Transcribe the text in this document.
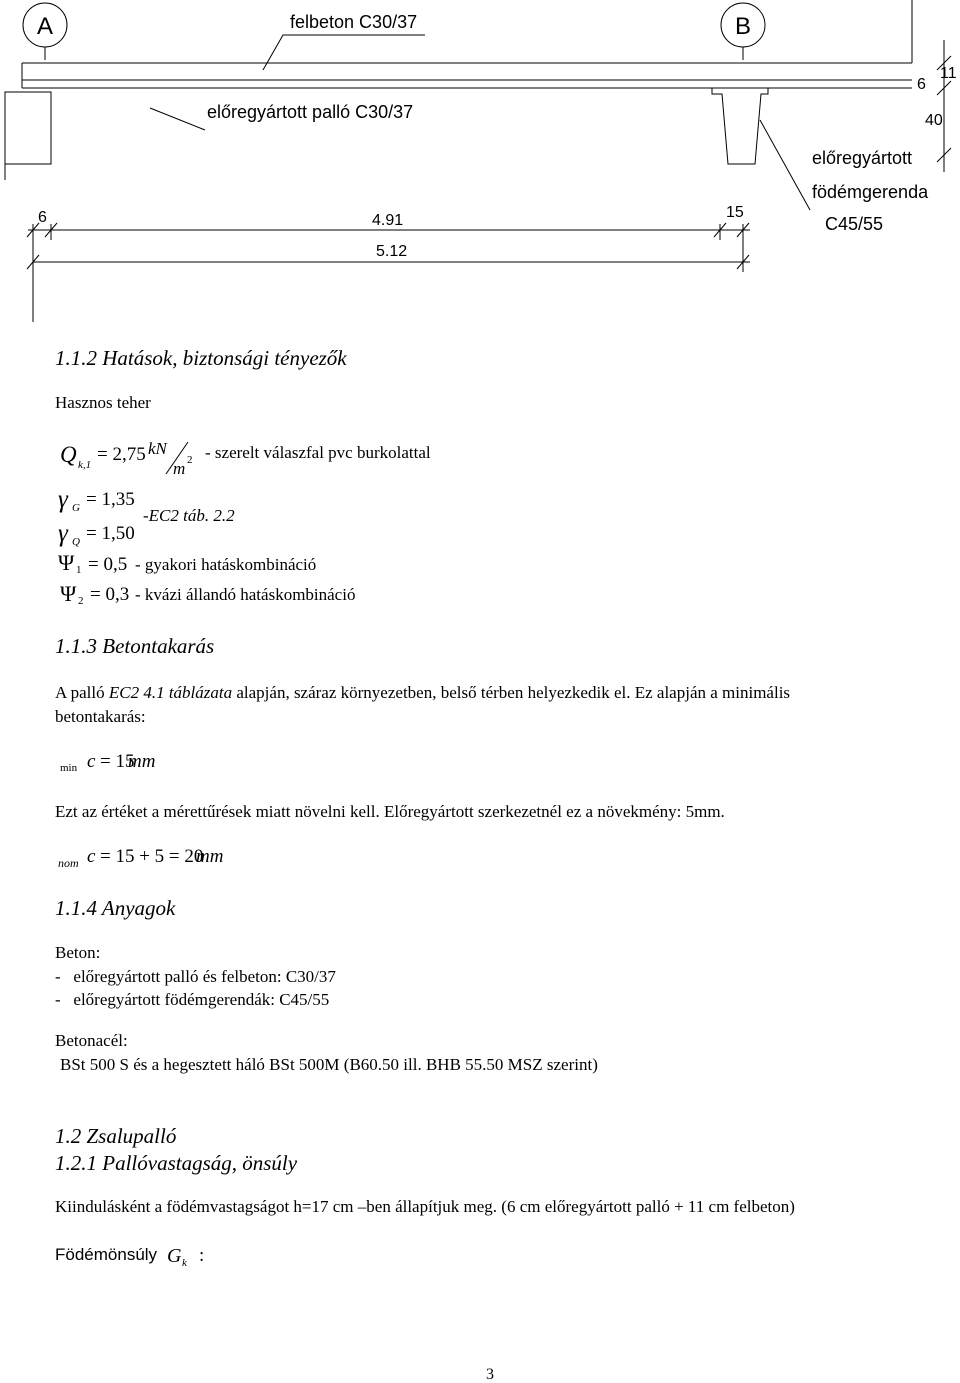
A	B
6
11
40
felbeton C30/37
előregyártott palló C30/37
előregyártott
födémgerenda
C45/55
6	15
4.91
5.12
1.1.2 Hatások, biztonsági tényezők
Hasznos teher
Q k,1 = 2,75 kN
m 2 - szerelt válaszfal pvc burkolattal
γ G = 1,35
-EC2 táb. 2.2
γ Q = 1,50
Ψ 1 = 0,5 - gyakori hatáskombináció
Ψ 2 = 0,3 - kvázi állandó hatáskombináció
1.1.3 Betontakarás
A palló EC2 4.1 táblázata alapján, száraz környezetben, belső térben helyezkedik el. Ez alapján a minimális
betontakarás:
min c = 15
mm
Ezt az értéket a mérettűrések miatt növelni kell. Előregyártott szerkezetnél ez a növekmény: 5mm.
nom c = 15 + 5 = 20
mm
1.1.4 Anyagok
Beton:
-   előregyártott palló és felbeton: C30/37
-   előregyártott födémgerendák: C45/55
Betonacél:
BSt 500 S és a hegesztett háló BSt 500M (B60.50 ill. BHB 55.50 MSZ szerint)
1.2 Zsalupalló
1.2.1 Pallóvastagság, önsúly
Kiindulásként a födémvastagságot h=17 cm –ben állapítjuk meg. (6 cm előregyártott palló + 11 cm felbeton)
Födémönsúly G k :
3
